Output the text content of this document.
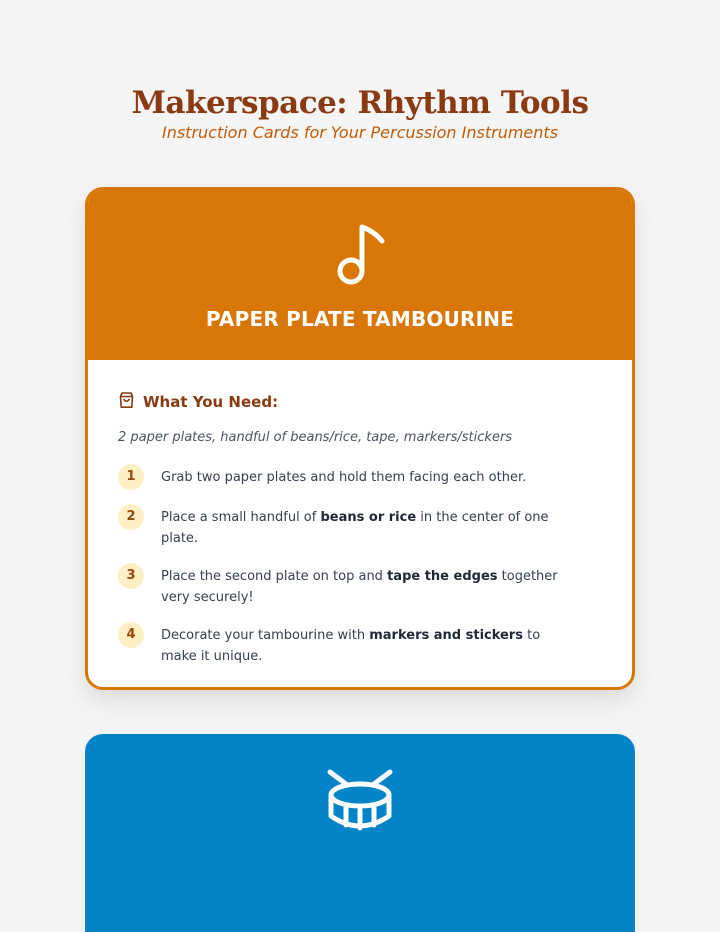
Makerspace: Rhythm Tools
Instruction Cards for Your Percussion Instruments
PAPER PLATE TAMBOURINE
What You Need:
2 paper plates, handful of beans/rice, tape, markers/stickers
1	Grab two paper plates and hold them facing each other.
2	Place a small handful of beans or rice in the center of one plate.
3	Place the second plate on top and tape the edges together very securely!
4	Decorate your tambourine with markers and stickers to make it unique.
